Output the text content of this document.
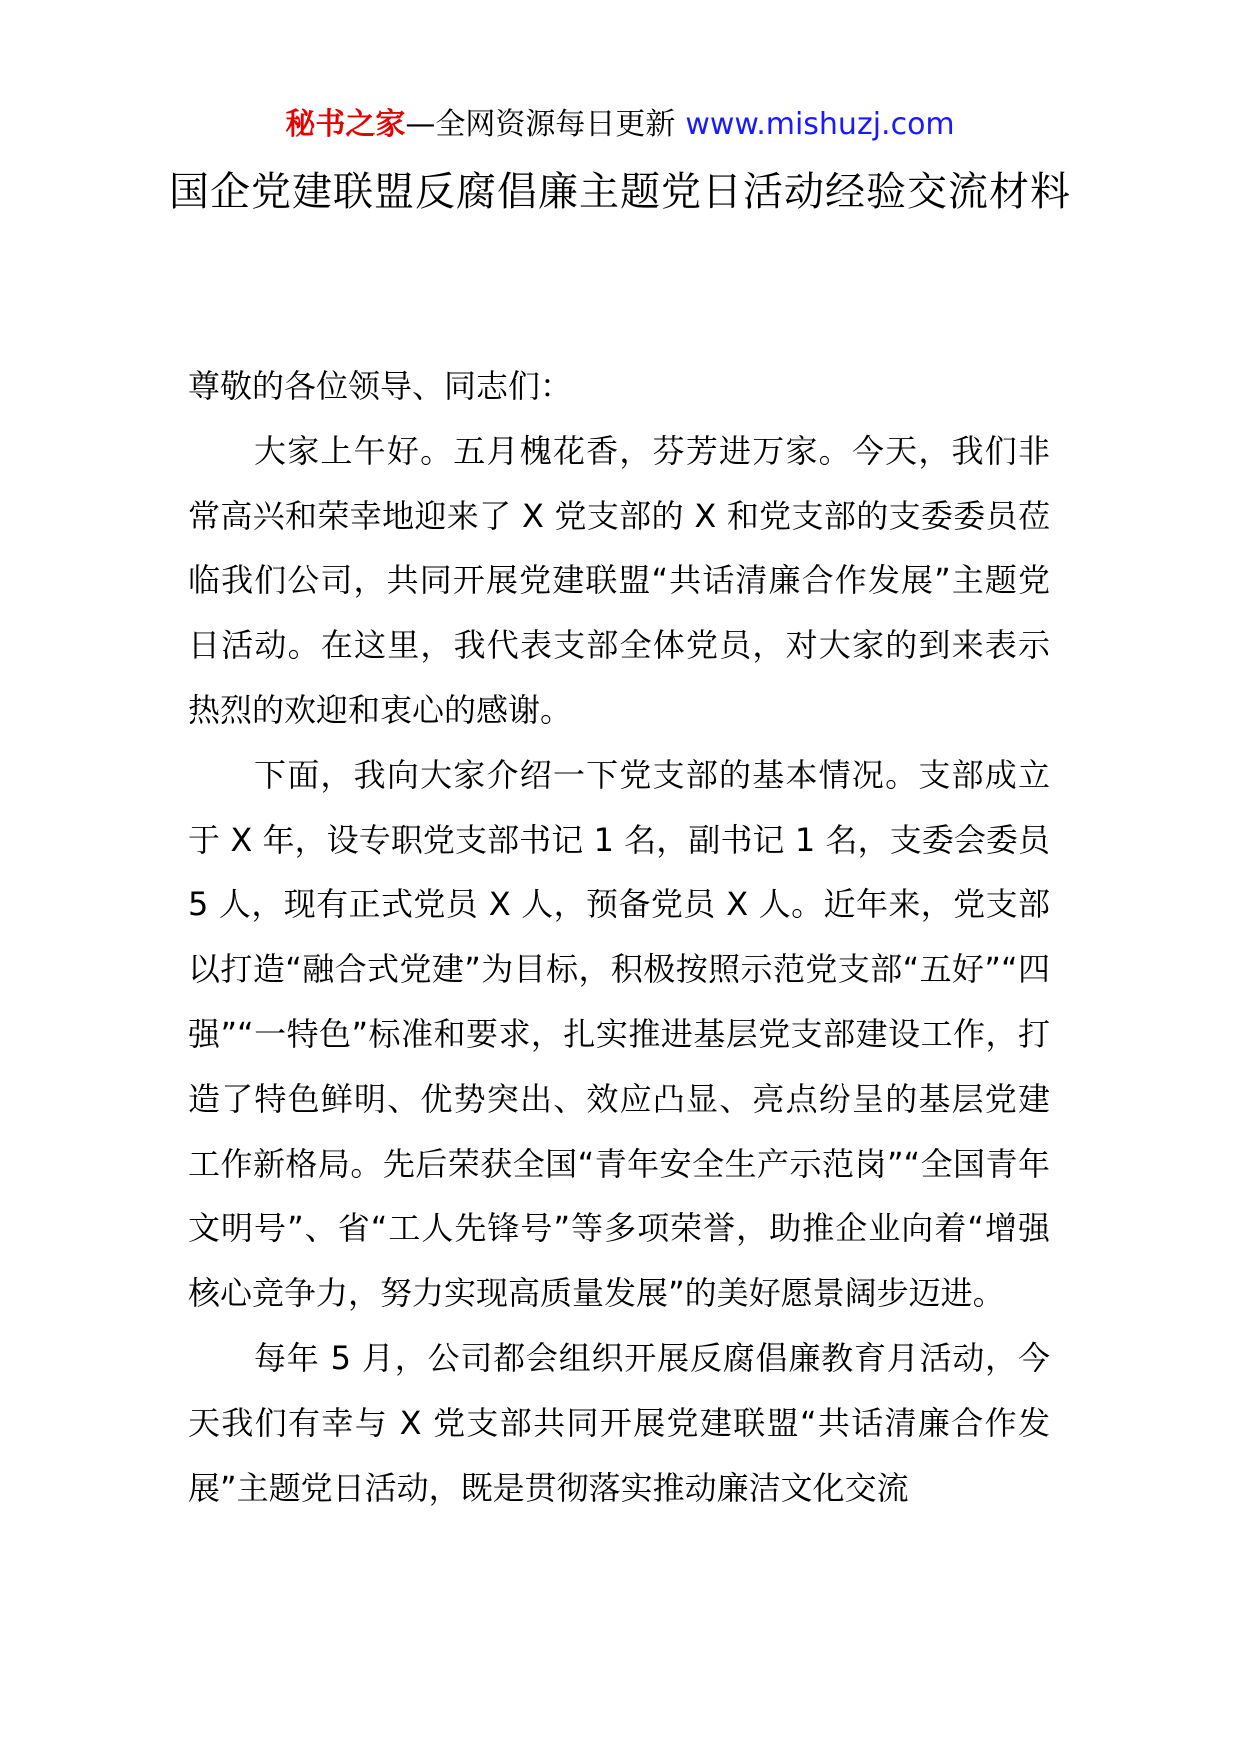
秘书之家—全网资源每日更新 www.mishuzj.com
国企党建联盟反腐倡廉主题党日活动经验交流材料

尊敬的各位领导、同志们：

大家上午好。五月槐花香，芬芳进万家。今天，我们非常高兴和荣幸地迎来了 X 党支部的 X 和党支部的支委委员莅临我们公司，共同开展党建联盟“共话清廉合作发展”主题党日活动。在这里，我代表支部全体党员，对大家的到来表示热烈的欢迎和衷心的感谢。

下面，我向大家介绍一下党支部的基本情况。支部成立于 X 年，设专职党支部书记 1 名，副书记 1 名，支委会委员 5 人，现有正式党员 X 人，预备党员 X 人。近年来，党支部以打造“融合式党建”为目标，积极按照示范党支部“五好”“四强”“一特色”标准和要求，扎实推进基层党支部建设工作，打造了特色鲜明、优势突出、效应凸显、亮点纷呈的基层党建工作新格局。先后荣获全国“青年安全生产示范岗”“全国青年文明号”、省“工人先锋号”等多项荣誉，助推企业向着“增强核心竞争力，努力实现高质量发展”的美好愿景阔步迈进。

每年 5 月，公司都会组织开展反腐倡廉教育月活动，今天我们有幸与 X 党支部共同开展党建联盟“共话清廉合作发展”主题党日活动，既是贯彻落实推动廉洁文化交流
